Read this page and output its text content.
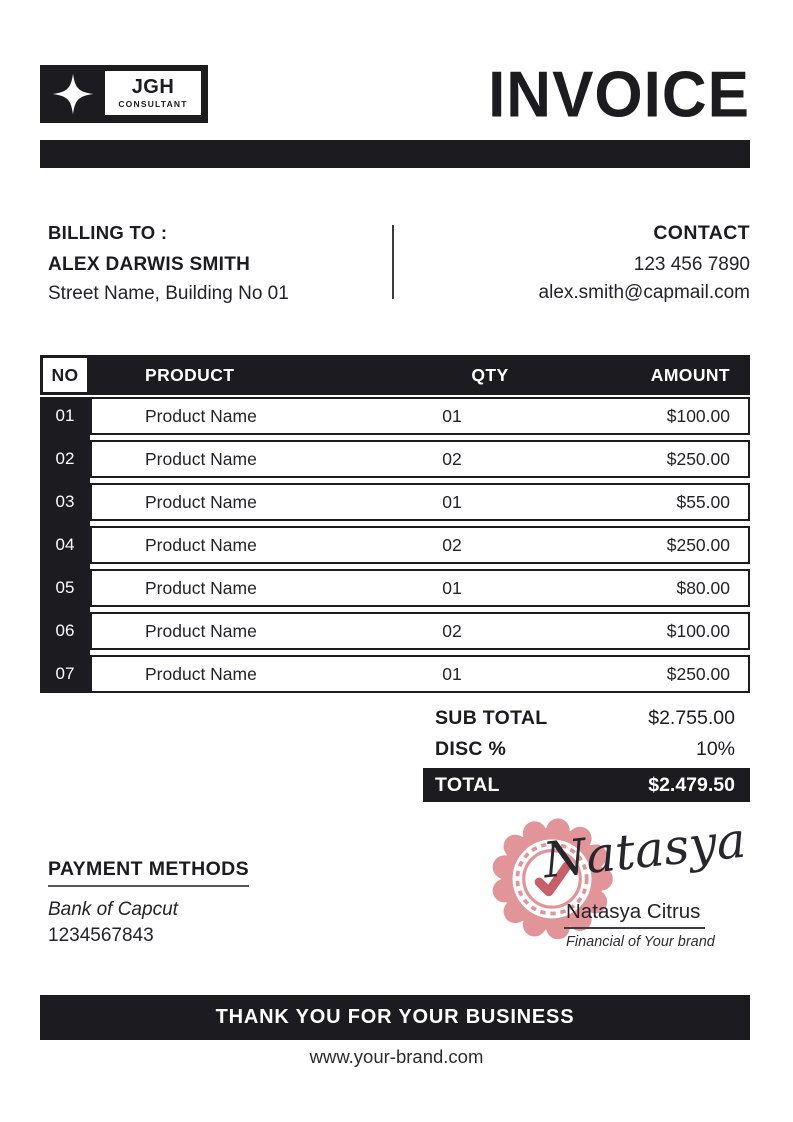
JGH
CONSULTANT	INVOICE
BILLING TO :
ALEX DARWIS SMITH
Street Name, Building No 01
CONTACT
123 456 7890
alex.smith@capmail.com
NO	PRODUCT	QTY	AMOUNT
01	Product Name	01	$100.00
02	Product Name	02	$250.00
03	Product Name	01	$55.00
04	Product Name	02	$250.00
05	Product Name	01	$80.00
06	Product Name	02	$100.00
07	Product Name	01	$250.00
SUB TOTAL	$2.755.00
DISC %	10%
TOTAL	$2.479.50
PAYMENT METHODS
Bank of Capcut
1234567843
Natasya
Natasya Citrus
Financial of Your brand
THANK YOU FOR YOUR BUSINESS
www.your-brand.com
